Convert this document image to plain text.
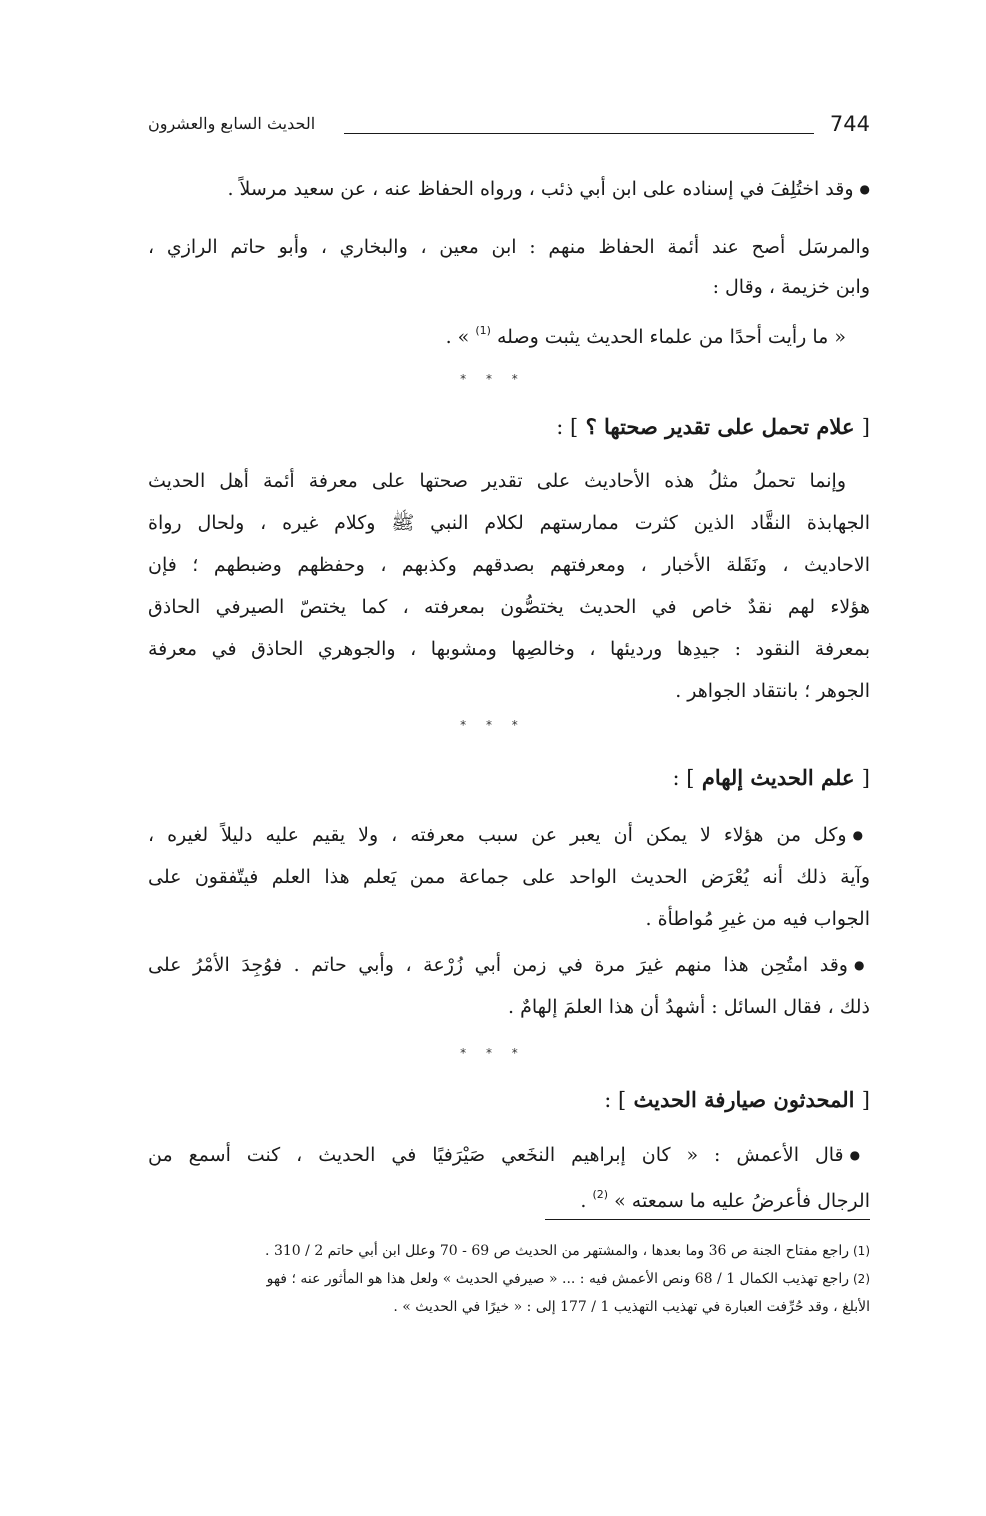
744
الحديث السابع والعشرون
● وقد اختُلِفَ في إسناده على ابن أبي ذئب ، ورواه الحفاظ عنه ، عن سعيد مرسلاً .
والمرسَل أصح عند أئمة الحفاظ منهم : ابن معين ، والبخاري ، وأبو حاتم الرازي ،
وابن خزيمة ، وقال :
« ما رأيت أحدًا من علماء الحديث يثبت وصله $^{(1)}$ » .
* * *
[ علام تحمل على تقدير صحتها ؟ ] :
وإنما تحملُ مثلُ هذه الأحاديث على تقدير صحتها على معرفة أئمة أهل الحديث
الجهابذة النقَّاد الذين كثرت ممارستهم لكلام النبي ﷺ وكلام غيره ، ولحال رواة
الاحاديث ، ونَقَلة الأخبار ، ومعرفتهم بصدقهم وكذبهم ، وحفظهم وضبطهم ؛ فإن
هؤلاء لهم نقدٌ خاص في الحديث يختصُّون بمعرفته ، كما يختصّ الصيرفي الحاذق
بمعرفة النقود : جيدِها ورديئها ، وخالصِها ومشوبها ، والجوهري الحاذق في معرفة
الجوهر ؛ بانتقاد الجواهر .
* * *
[ علم الحديث إلهام ] :
● وكل من هؤلاء لا يمكن أن يعبر عن سبب معرفته ، ولا يقيم عليه دليلاً لغيره ،
وآية ذلك أنه يُعْرَض الحديث الواحد على جماعة ممن يَعلم هذا العلم فيتّفقون على
الجواب فيه من غيرِ مُواطأة .
● وقد امتُحِن هذا منهم غيرَ مرة في زمن أبي زُرْعة ، وأبي حاتم . فوُجِدَ الأمْرُ على
ذلك ، فقال السائل : أشهدُ أن هذا العلمَ إلهامٌ .
* * *
[ المحدثون صيارفة الحديث ] :
● قال الأعمش : « كان إبراهيم النخَعي صَيْرَفيًا في الحديث ، كنت أسمع من
الرجال فأعرضُ عليه ما سمعته » $^{(2)}$ .
(1)راجع مفتاح الجنة ص 36 وما بعدها ، والمشتهر من الحديث ص 69 - 70 وعلل ابن أبي حاتم 2 / 310 .
(2)راجع تهذيب الكمال 1 / 68 ونص الأعمش فيه : ... « صيرفي الحديث » ولعل هذا هو المأثور عنه ؛ فهو
الأبلغ ، وقد حُرِّفت العبارة في تهذيب التهذيب 1 / 177 إلى : « خيرًا في الحديث » .
